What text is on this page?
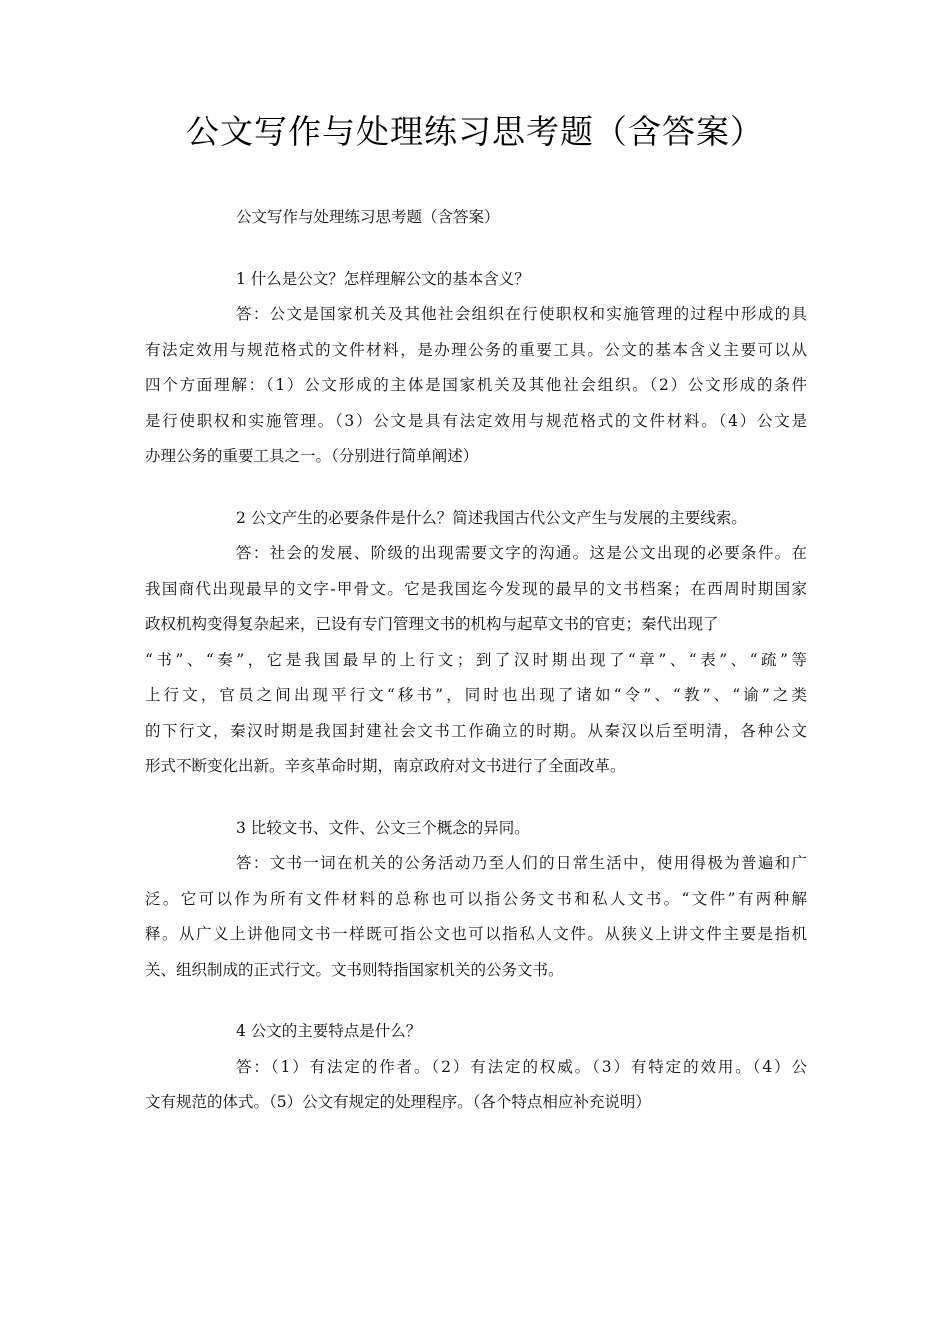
公文写作与处理练习思考题（含答案）
公文写作与处理练习思考题（含答案）
1 什么是公文？怎样理解公文的基本含义？
答：公文是国家机关及其他社会组织在行使职权和实施管理的过程中形成的具
有法定效用与规范格式的文件材料，是办理公务的重要工具。公文的基本含义主要可以从
四个方面理解：（1）公文形成的主体是国家机关及其他社会组织。（2）公文形成的条件
是行使职权和实施管理。（3）公文是具有法定效用与规范格式的文件材料。（4）公文是
办理公务的重要工具之一。（分别进行简单阐述）
2 公文产生的必要条件是什么？简述我国古代公文产生与发展的主要线索。
答：社会的发展、阶级的出现需要文字的沟通。这是公文出现的必要条件。在
我国商代出现最早的文字-甲骨文。它是我国迄今发现的最早的文书档案；在西周时期国家
政权机构变得复杂起来，已设有专门管理文书的机构与起草文书的官吏；秦代出现了
“书”、“奏”，它是我国最早的上行文；到了汉时期出现了“章”、“表”、“疏”等
上行文，官员之间出现平行文“移书”，同时也出现了诸如“令”、“教”、“谕”之类
的下行文，秦汉时期是我国封建社会文书工作确立的时期。从秦汉以后至明清，各种公文
形式不断变化出新。辛亥革命时期，南京政府对文书进行了全面改革。
3 比较文书、文件、公文三个概念的异同。
答：文书一词在机关的公务活动乃至人们的日常生活中，使用得极为普遍和广
泛。它可以作为所有文件材料的总称也可以指公务文书和私人文书。“文件”有两种解
释。从广义上讲他同文书一样既可指公文也可以指私人文件。从狭义上讲文件主要是指机
关、组织制成的正式行文。文书则特指国家机关的公务文书。
4 公文的主要特点是什么？
答：（1）有法定的作者。（2）有法定的权威。（3）有特定的效用。（4）公
文有规范的体式。（5）公文有规定的处理程序。（各个特点相应补充说明）
